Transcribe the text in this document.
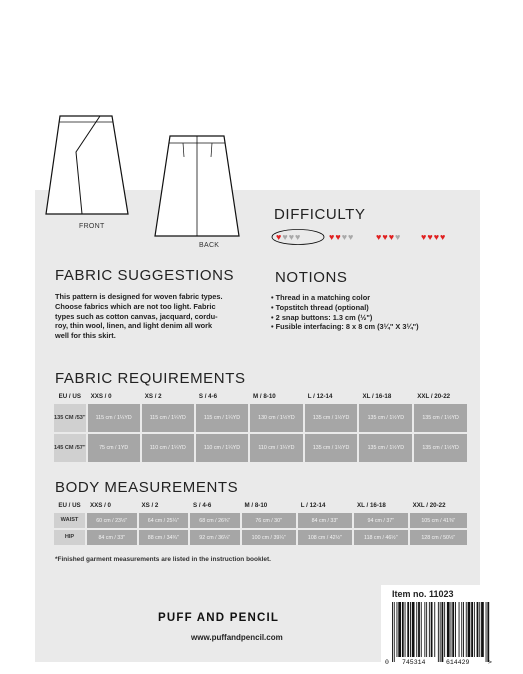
FRONT
BACK
DIFFICULTY
♥ ♥ ♥ ♥	♥ ♥ ♥ ♥	♥ ♥ ♥ ♥ ♥ ♥ ♥ ♥
FABRIC SUGGESTIONS
This pattern is designed for woven fabric types.
Choose fabrics which are not too light. Fabric
types such as cotton canvas, jacquard, cordu-
roy, thin wool, linen, and light denim all work
well for this skirt.
NOTIONS
• Thread in a matching color
• Topstitch thread (optional)
• 2 snap buttons: 1.3 cm (½")
• Fusible interfacing: 8 x 8 cm (3¼" X 3¼")
FABRIC REQUIREMENTS
EU / US	XXS / 0	XS / 2	S / 4-6	M / 8-10	L / 12-14	XL / 16-18	XXL / 20-22
135 CM /53"	115 cm / 1¼YD	115 cm / 1¼YD	115 cm / 1¼YD	130 cm / 1½YD	135 cm / 1½YD	135 cm / 1½YD	135 cm / 1½YD
145 CM /57"	75 cm / 1YD	110 cm / 1¼YD	110 cm / 1¼YD	110 cm / 1¼YD	135 cm / 1½YD	135 cm / 1½YD	135 cm / 1½YD
BODY MEASUREMENTS
EU / US	XXS / 0	XS / 2	S / 4-6	M / 8-10	L / 12-14	XL / 16-18	XXL / 20-22
WAIST	60 cm / 23½"	64 cm / 25¼"	68 cm / 26¾"	76 cm / 30"	84 cm / 33"	94 cm / 37"	105 cm / 41⅜"
HIP	84 cm / 33"	88 cm / 34¾"	92 cm / 36¼"	100 cm / 39¼"	108 cm / 42½"	118 cm / 46½"	128 cm / 50½"
*Finished garment measurements are listed in the instruction booklet.
PUFF AND PENCIL
www.puffandpencil.com
Item no. 11023
0 745314	614429	>
